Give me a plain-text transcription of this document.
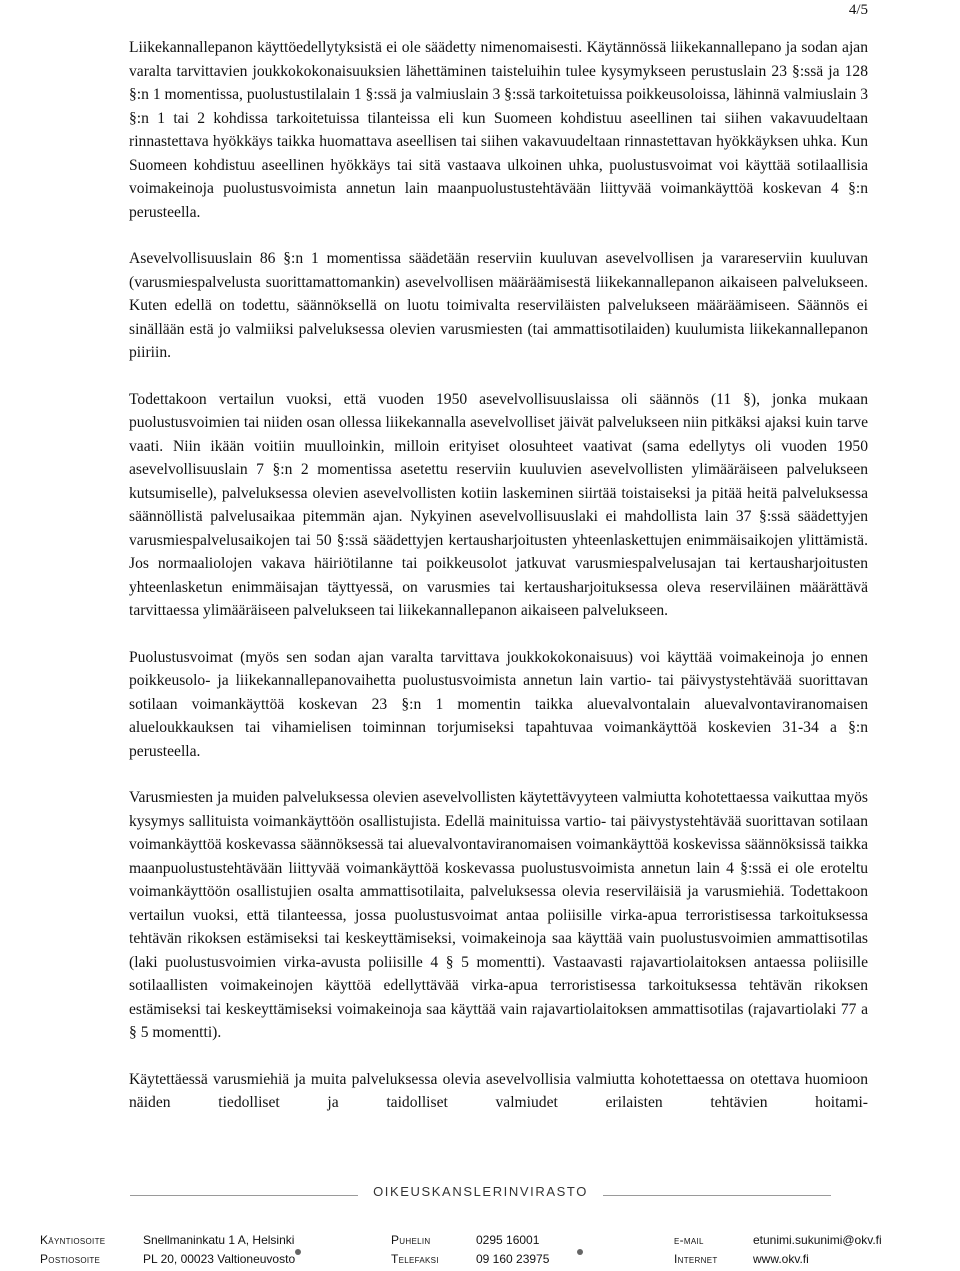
4/5

Liikekannallepanon käyttöedellytyksistä ei ole säädetty nimenomaisesti. Käytännössä liikekannallepano ja sodan ajan varalta tarvittavien joukkokokonaisuuksien lähettäminen taisteluihin tulee kysymykseen perustuslain 23 §:ssä ja 128 §:n 1 momentissa, puolustustilalain 1 §:ssä ja valmiuslain 3 §:ssä tarkoitetuissa poikkeusoloissa, lähinnä valmiuslain 3 §:n 1 tai 2 kohdissa tarkoitetuissa tilanteissa eli kun Suomeen kohdistuu aseellinen tai siihen vakavuudeltaan rinnastettava hyökkäys taikka huomattava aseellisen tai siihen vakavuudeltaan rinnastettavan hyökkäyksen uhka. Kun Suomeen kohdistuu aseellinen hyökkäys tai sitä vastaava ulkoinen uhka, puolustusvoimat voi käyttää sotilaallisia voimakeinoja puolustusvoimista annetun lain maanpuolustustehtävään liittyvää voimankäyttöä koskevan 4 §:n perusteella.

Asevelvollisuuslain 86 §:n 1 momentissa säädetään reserviin kuuluvan asevelvollisen ja varareserviin kuuluvan (varusmiespalvelusta suorittamattomankin) asevelvollisen määräämisestä liikekannallepanon aikaiseen palvelukseen. Kuten edellä on todettu, säännöksellä on luotu toimivalta reserviläisten palvelukseen määräämiseen. Säännös ei sinällään estä jo valmiiksi palveluksessa olevien varusmiesten (tai ammattisotilaiden) kuulumista liikekannallepanon piiriin.

Todettakoon vertailun vuoksi, että vuoden 1950 asevelvollisuuslaissa oli säännös (11 §), jonka mukaan puolustusvoimien tai niiden osan ollessa liikekannalla asevelvolliset jäivät palvelukseen niin pitkäksi ajaksi kuin tarve vaati. Niin ikään voitiin muulloinkin, milloin erityiset olosuhteet vaativat (sama edellytys oli vuoden 1950 asevelvollisuuslain 7 §:n 2 momentissa asetettu reserviin kuuluvien asevelvollisten ylimääräiseen palvelukseen kutsumiselle), palveluksessa olevien asevelvollisten kotiin laskeminen siirtää toistaiseksi ja pitää heitä palveluksessa säännöllistä palvelusaikaa pitemmän ajan. Nykyinen asevelvollisuuslaki ei mahdollista lain 37 §:ssä säädettyjen varusmiespalvelusaikojen tai 50 §:ssä säädettyjen kertausharjoitusten yhteenlaskettujen enimmäisaikojen ylittämistä. Jos normaaliolojen vakava häiriötilanne tai poikkeusolot jatkuvat varusmiespalvelusajan tai kertausharjoitusten yhteenlasketun enimmäisajan täyttyessä, on varusmies tai kertausharjoituksessa oleva reserviläinen määrättävä tarvittaessa ylimääräiseen palvelukseen tai liikekannallepanon aikaiseen palvelukseen.

Puolustusvoimat (myös sen sodan ajan varalta tarvittava joukkokokonaisuus) voi käyttää voimakeinoja jo ennen poikkeusolo- ja liikekannallepanovaihetta puolustusvoimista annetun lain vartio- tai päivystystehtävää suorittavan sotilaan voimankäyttöä koskevan 23 §:n 1 momentin taikka aluevalvontalain aluevalvontaviranomaisen alueloukkauksen tai vihamielisen toiminnan torjumiseksi tapahtuvaa voimankäyttöä koskevien 31-34 a §:n perusteella.

Varusmiesten ja muiden palveluksessa olevien asevelvollisten käytettävyyteen valmiutta kohotettaessa vaikuttaa myös kysymys sallituista voimankäyttöön osallistujista. Edellä mainituissa vartio- tai päivystystehtävää suorittavan sotilaan voimankäyttöä koskevassa säännöksessä tai aluevalvontaviranomaisen voimankäyttöä koskevissa säännöksissä taikka maanpuolustustehtävään liittyvää voimankäyttöä koskevassa puolustusvoimista annetun lain 4 §:ssä ei ole eroteltu voimankäyttöön osallistujien osalta ammattisotilaita, palveluksessa olevia reserviläisiä ja varusmiehiä. Todettakoon vertailun vuoksi, että tilanteessa, jossa puolustusvoimat antaa poliisille virka-apua terroristisessa tarkoituksessa tehtävän rikoksen estämiseksi tai keskeyttämiseksi, voimakeinoja saa käyttää vain puolustusvoimien ammattisotilas (laki puolustusvoimien virka-avusta poliisille 4 § 5 momentti). Vastaavasti rajavartiolaitoksen antaessa poliisille sotilaallisten voimakeinojen käyttöä edellyttävää virka-apua terroristisessa tarkoituksessa tehtävän rikoksen estämiseksi tai keskeyttämiseksi voimakeinoja saa käyttää vain rajavartiolaitoksen ammattisotilas (rajavartiolaki 77 a § 5 momentti).

Käytettäessä varusmiehiä ja muita palveluksessa olevia asevelvollisia valmiutta kohotettaessa on otettava huomioon näiden tiedolliset ja taidolliset valmiudet erilaisten tehtävien hoitami-

OIKEUSKANSLERINVIRASTO
Käyntiosoite	Snellmaninkatu 1 A, Helsinki	Puhelin	0295 16001	e-mail	etunimi.sukunimi@okv.fi
Postiosoite	PL 20, 00023 Valtioneuvosto	Telefaksi	09 160 23975	Internet	www.okv.fi
